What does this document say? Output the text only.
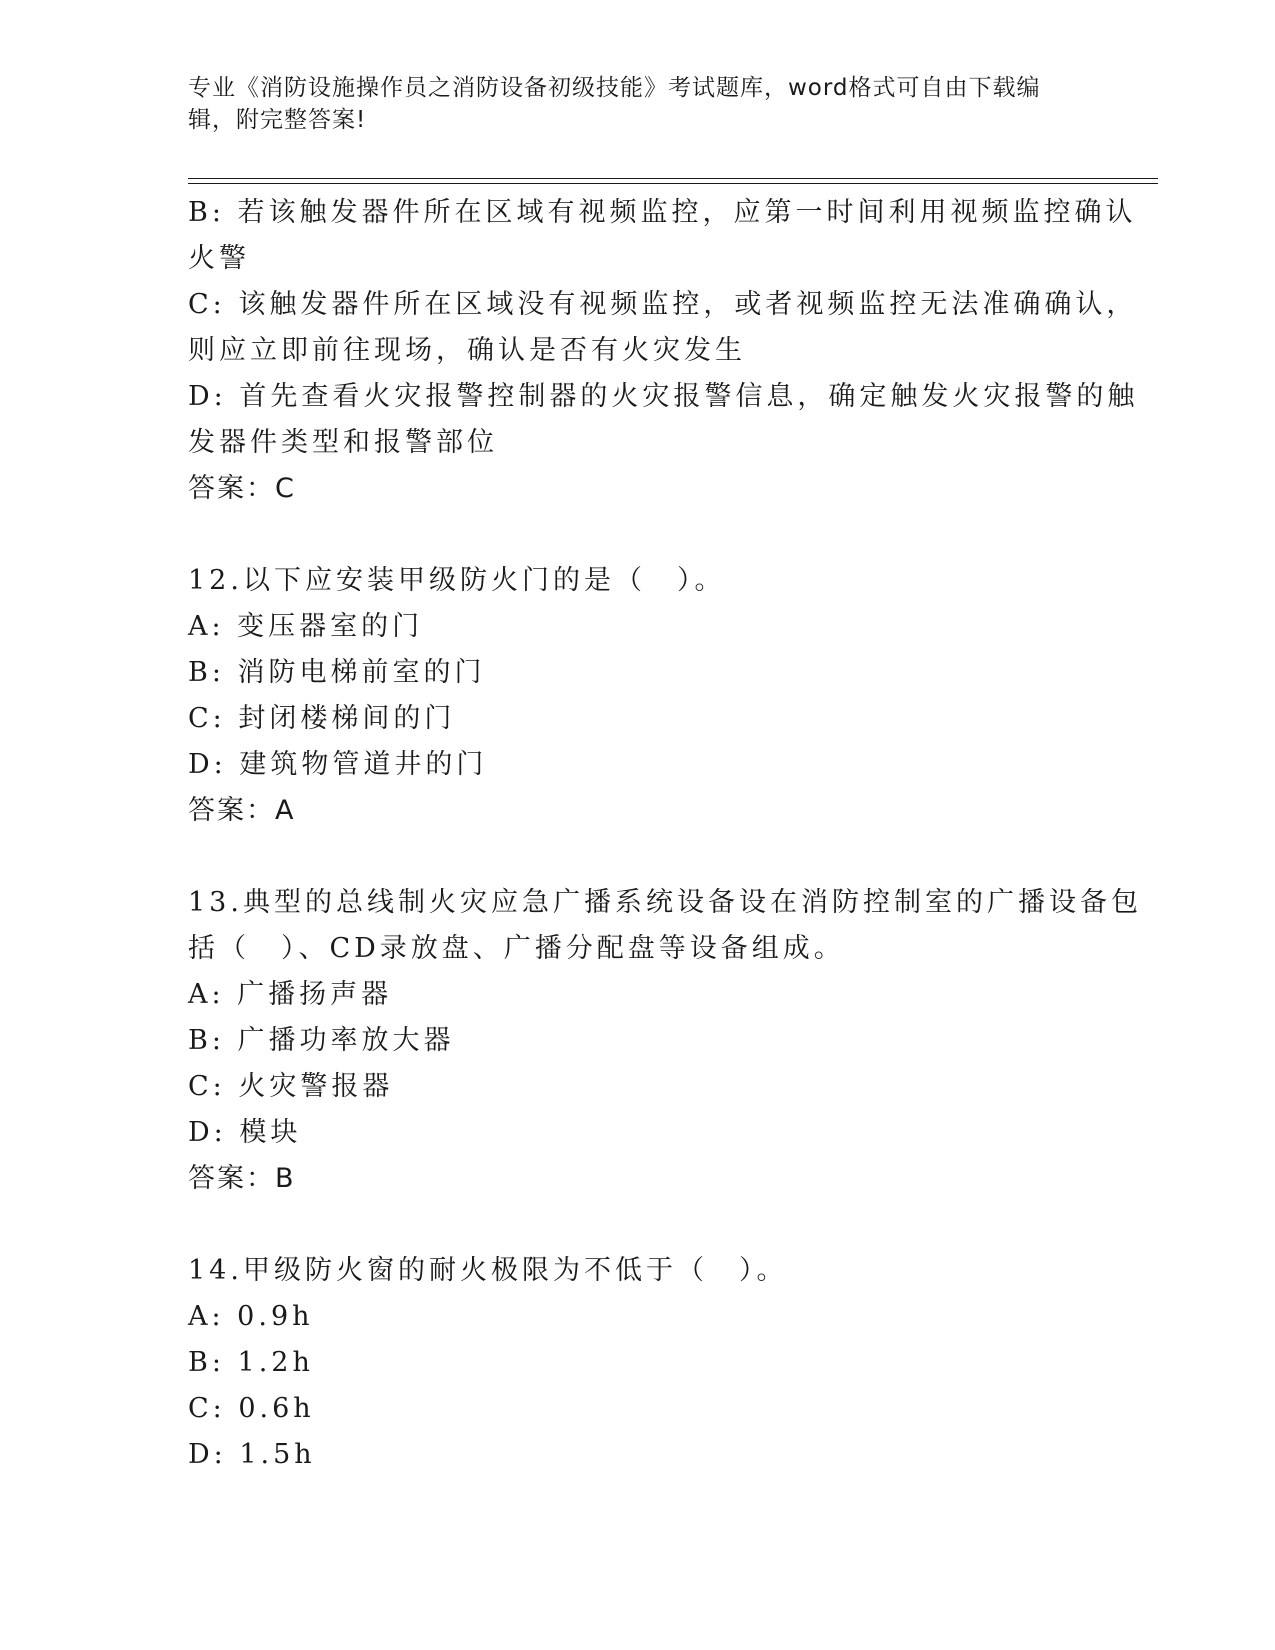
专业《消防设施操作员之消防设备初级技能》考试题库，word格式可自由下载编
辑，附完整答案!
B: 若该触发器件所在区域有视频监控，应第一时间利用视频监控确认
火警
C: 该触发器件所在区域没有视频监控，或者视频监控无法准确确认，
则应立即前往现场，确认是否有火灾发生
D: 首先查看火灾报警控制器的火灾报警信息，确定触发火灾报警的触
发器件类型和报警部位
答案：C
12.以下应安装甲级防火门的是（　）。
A: 变压器室的门
B: 消防电梯前室的门
C: 封闭楼梯间的门
D: 建筑物管道井的门
答案：A
13.典型的总线制火灾应急广播系统设备设在消防控制室的广播设备包
括（　）、CD录放盘、广播分配盘等设备组成。
A: 广播扬声器
B: 广播功率放大器
C: 火灾警报器
D: 模块
答案：B
14.甲级防火窗的耐火极限为不低于（　）。
A: 0.9h
B: 1.2h
C: 0.6h
D: 1.5h
